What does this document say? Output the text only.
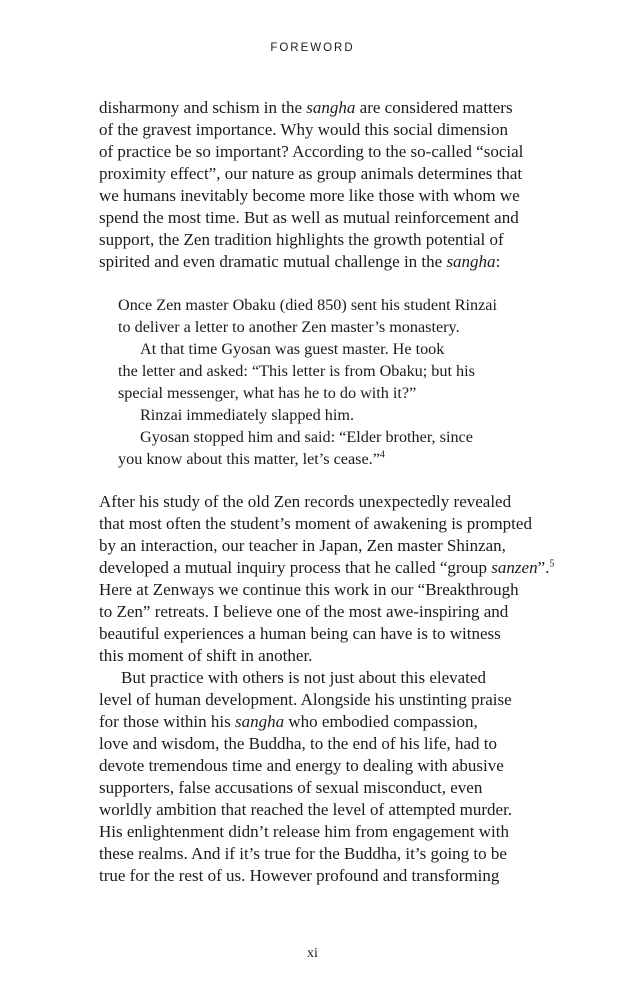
FOREWORD
disharmony and schism in the sangha are considered matters
of the gravest importance. Why would this social dimension
of practice be so important? According to the so-called “social
proximity effect”, our nature as group animals determines that
we humans inevitably become more like those with whom we
spend the most time. But as well as mutual reinforcement and
support, the Zen tradition highlights the growth potential of
spirited and even dramatic mutual challenge in the sangha:
Once Zen master Obaku (died 850) sent his student Rinzai
to deliver a letter to another Zen master’s monastery.
At that time Gyosan was guest master. He took
the letter and asked: “This letter is from Obaku; but his
special messenger, what has he to do with it?”
Rinzai immediately slapped him.
Gyosan stopped him and said: “Elder brother, since
you know about this matter, let’s cease.”$^4$
After his study of the old Zen records unexpectedly revealed
that most often the student’s moment of awakening is prompted
by an interaction, our teacher in Japan, Zen master Shinzan,
developed a mutual inquiry process that he called “group sanzen”.$^5$
Here at Zenways we continue this work in our “Breakthrough
to Zen” retreats. I believe one of the most awe-inspiring and
beautiful experiences a human being can have is to witness
this moment of shift in another.
But practice with others is not just about this elevated
level of human development. Alongside his unstinting praise
for those within his sangha who embodied compassion,
love and wisdom, the Buddha, to the end of his life, had to
devote tremendous time and energy to dealing with abusive
supporters, false accusations of sexual misconduct, even
worldly ambition that reached the level of attempted murder.
His enlightenment didn’t release him from engagement with
these realms. And if it’s true for the Buddha, it’s going to be
true for the rest of us. However profound and transforming
xi
